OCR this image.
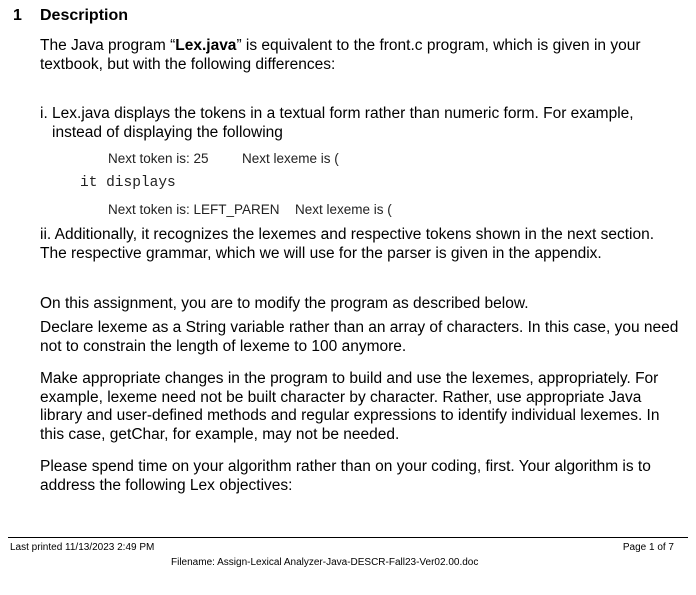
1 Description

The Java program “Lex.java” is equivalent to the front.c program, which is given in your textbook, but with the following differences:

i. Lex.java displays the tokens in a textual form rather than numeric form. For example,
instead of displaying the following
Next token is: 25 Next lexeme is (
it displays
Next token is: LEFT_PAREN Next lexeme is (

ii. Additionally, it recognizes the lexemes and respective tokens shown in the next section. The respective grammar, which we will use for the parser is given in the appendix.

On this assignment, you are to modify the program as described below.

Declare lexeme as a String variable rather than an array of characters. In this case, you need not to constrain the length of lexeme to 100 anymore.

Make appropriate changes in the program to build and use the lexemes, appropriately. For example, lexeme need not be built character by character. Rather, use appropriate Java library and user-defined methods and regular expressions to identify individual lexemes. In this case, getChar, for example, may not be needed.

Please spend time on your algorithm rather than on your coding, first. Your algorithm is to address the following Lex objectives:

Last printed 11/13/2023 2:49 PM	Page 1 of 7
Filename: Assign-Lexical Analyzer-Java-DESCR-Fall23-Ver02.00.doc
